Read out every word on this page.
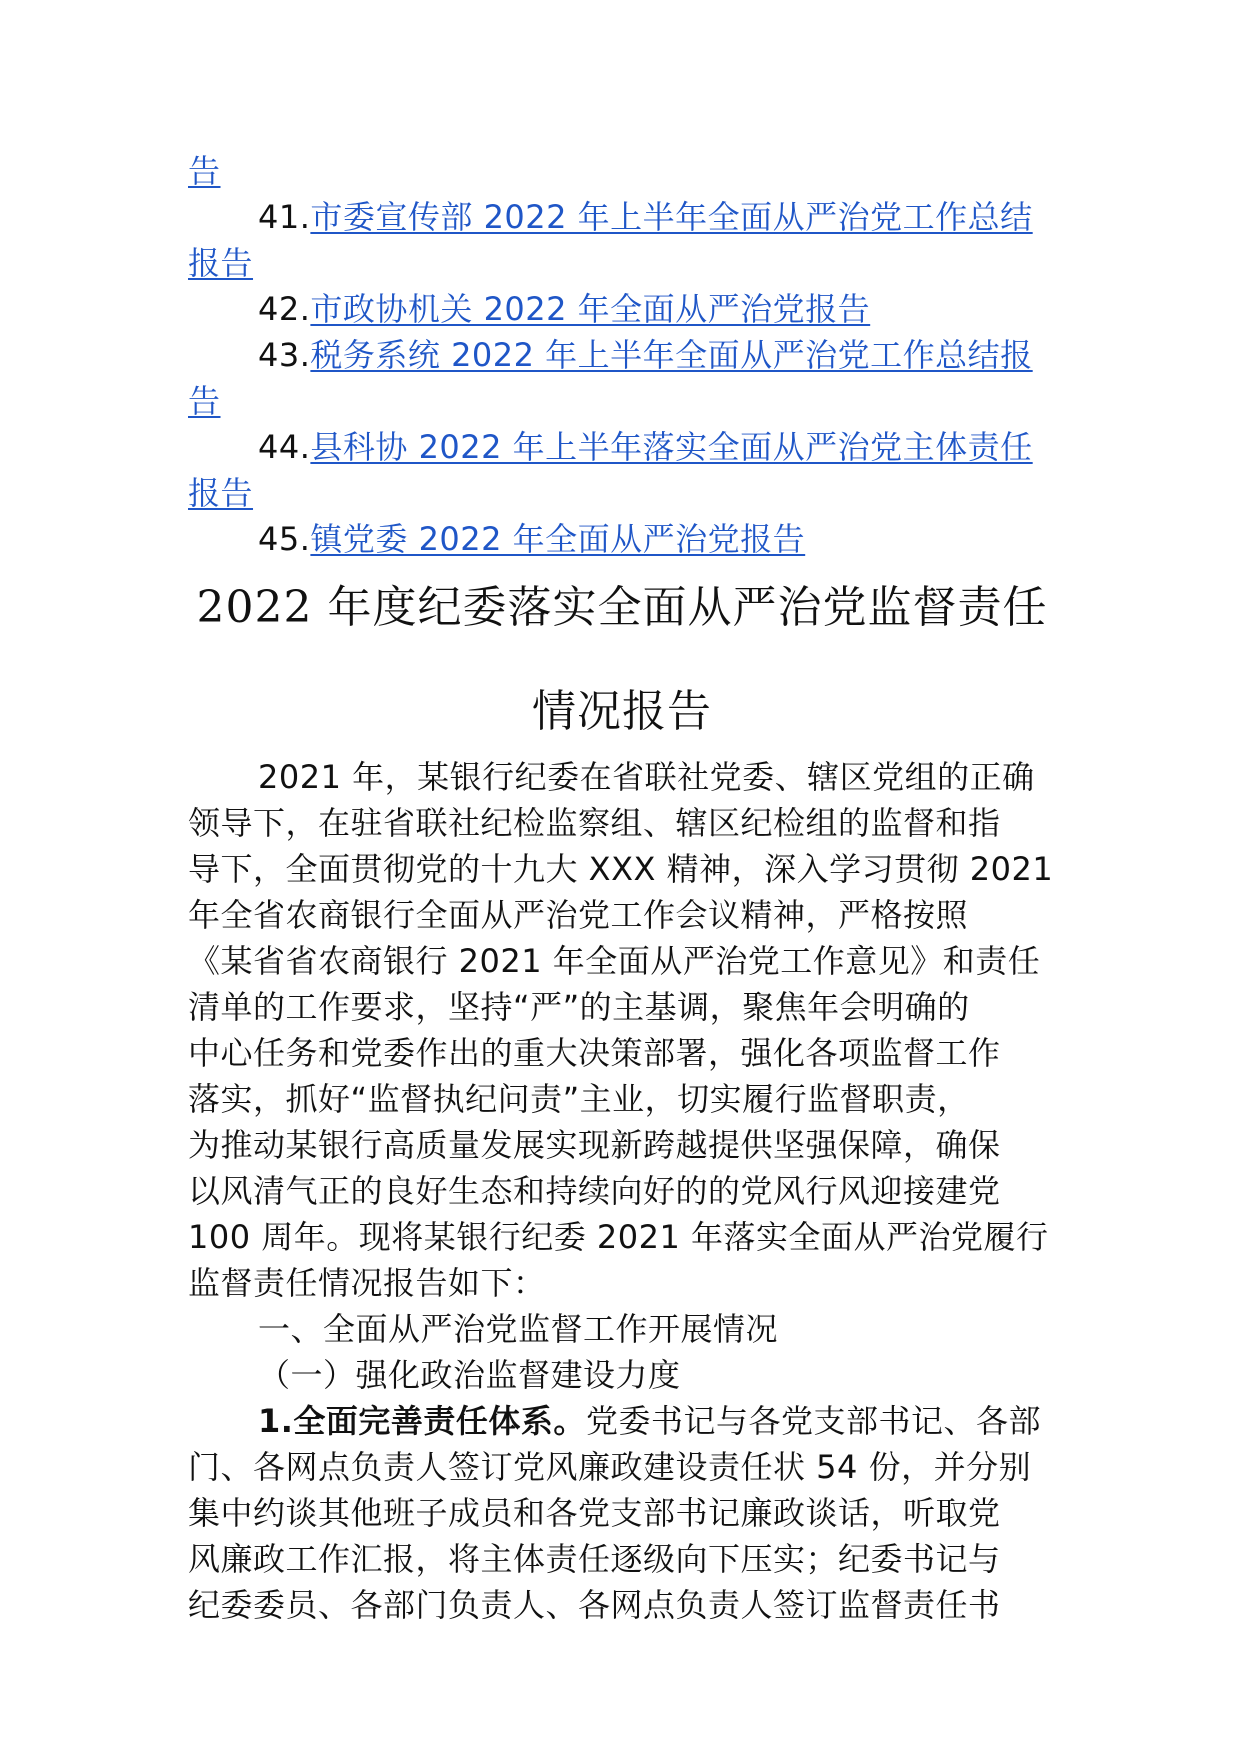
告
41.市委宣传部 2022 年上半年全面从严治党工作总结
报告
42.市政协机关 2022 年全面从严治党报告
43.税务系统 2022 年上半年全面从严治党工作总结报
告
44.县科协 2022 年上半年落实全面从严治党主体责任
报告
45.镇党委 2022 年全面从严治党报告
2022 年度纪委落实全面从严治党监督责任
情况报告
2021 年，某银行纪委在省联社党委、辖区党组的正确
领导下，在驻省联社纪检监察组、辖区纪检组的监督和指
导下，全面贯彻党的十九大 XXX 精神，深入学习贯彻 2021
年全省农商银行全面从严治党工作会议精神，严格按照
《某省省农商银行 2021 年全面从严治党工作意见》和责任
清单的工作要求，坚持“严”的主基调，聚焦年会明确的
中心任务和党委作出的重大决策部署，强化各项监督工作
落实，抓好“监督执纪问责”主业，切实履行监督职责，
为推动某银行高质量发展实现新跨越提供坚强保障，确保
以风清气正的良好生态和持续向好的的党风行风迎接建党
100 周年。现将某银行纪委 2021 年落实全面从严治党履行
监督责任情况报告如下：
一、全面从严治党监督工作开展情况
（一）强化政治监督建设力度
1.全面完善责任体系。党委书记与各党支部书记、各部
门、各网点负责人签订党风廉政建设责任状 54 份，并分别
集中约谈其他班子成员和各党支部书记廉政谈话，听取党
风廉政工作汇报，将主体责任逐级向下压实；纪委书记与
纪委委员、各部门负责人、各网点负责人签订监督责任书
